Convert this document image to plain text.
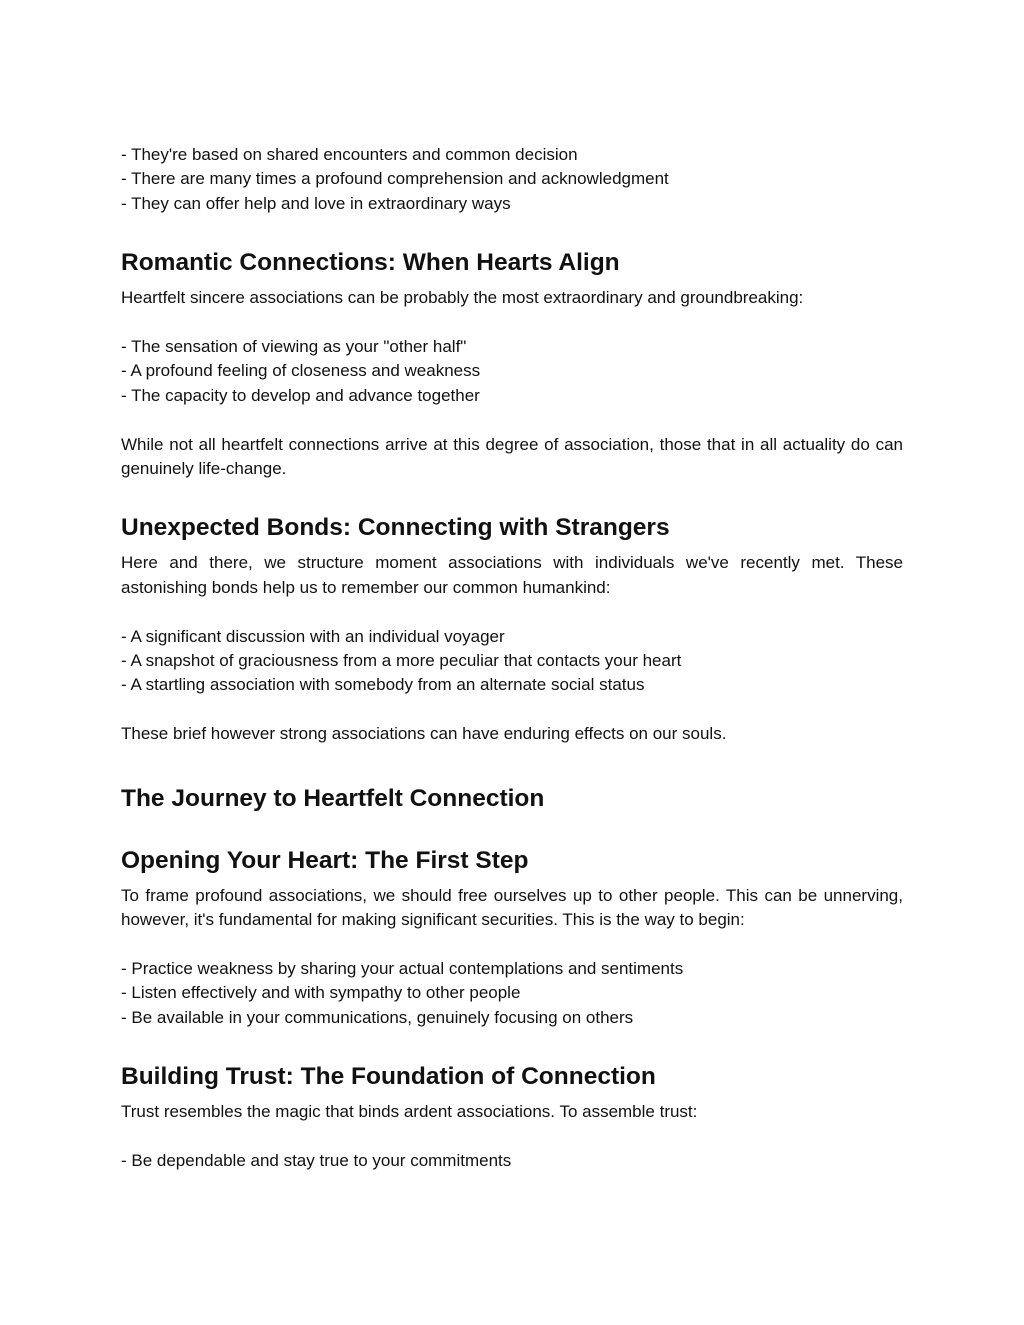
- They're based on shared encounters and common decision

- There are many times a profound comprehension and acknowledgment

- They can offer help and love in extraordinary ways

Romantic Connections: When Hearts Align

Heartfelt sincere associations can be probably the most extraordinary and groundbreaking:

- The sensation of viewing as your "other half"

- A profound feeling of closeness and weakness

- The capacity to develop and advance together

While not all heartfelt connections arrive at this degree of association, those that in all actuality do can genuinely life-change.

Unexpected Bonds: Connecting with Strangers

Here and there, we structure moment associations with individuals we've recently met. These astonishing bonds help us to remember our common humankind:

- A significant discussion with an individual voyager

- A snapshot of graciousness from a more peculiar that contacts your heart

- A startling association with somebody from an alternate social status

These brief however strong associations can have enduring effects on our souls.

The Journey to Heartfelt Connection
Opening Your Heart: The First Step

To frame profound associations, we should free ourselves up to other people. This can be unnerving, however, it's fundamental for making significant securities. This is the way to begin:

- Practice weakness by sharing your actual contemplations and sentiments

- Listen effectively and with sympathy to other people

- Be available in your communications, genuinely focusing on others

Building Trust: The Foundation of Connection

Trust resembles the magic that binds ardent associations. To assemble trust:

- Be dependable and stay true to your commitments
